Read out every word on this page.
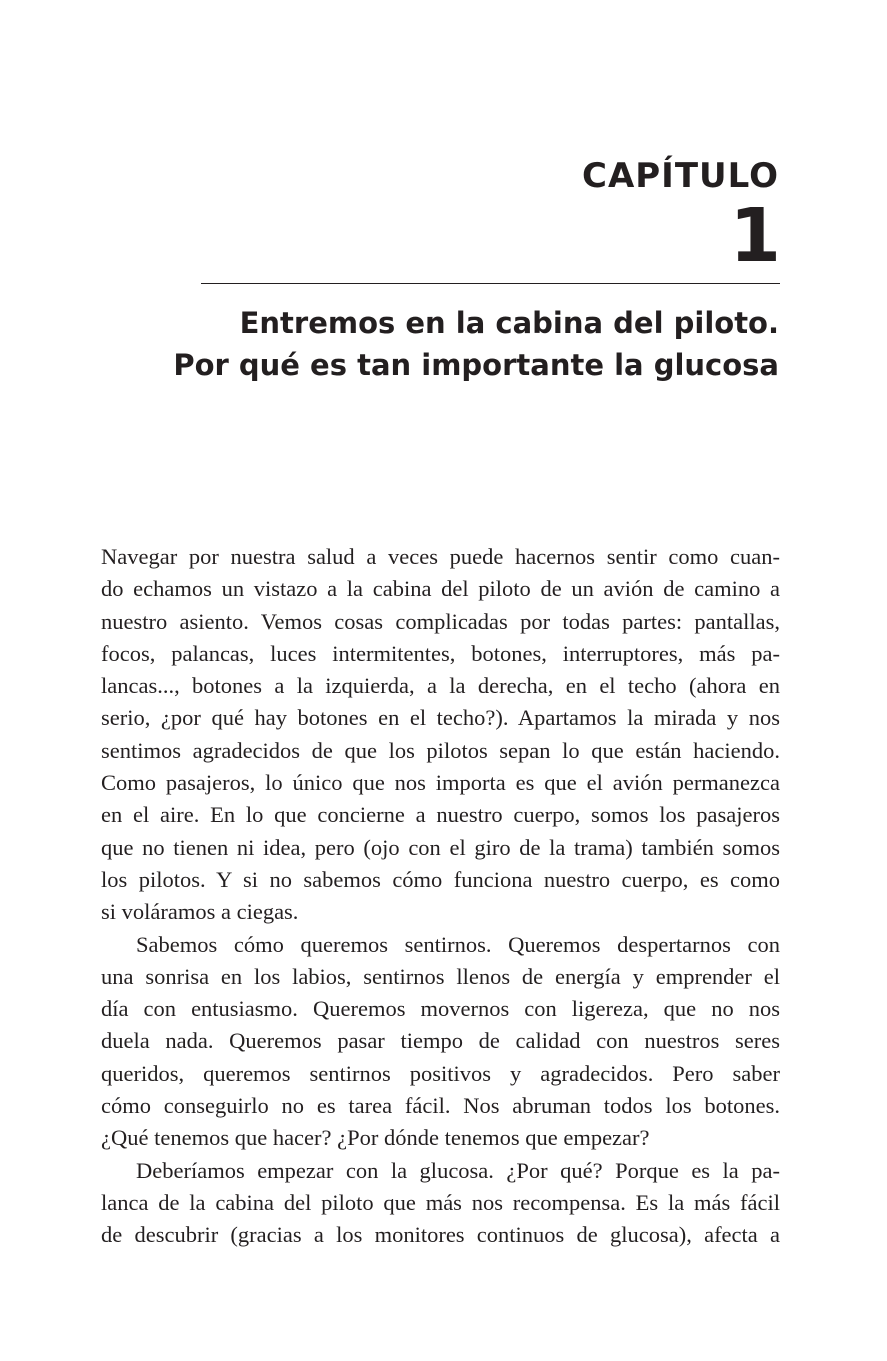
CAPÍTULO
1
Entremos en la cabina del piloto.
Por qué es tan importante la glucosa
Navegar por nuestra salud a veces puede hacernos sentir como cuan-
do echamos un vistazo a la cabina del piloto de un avión de camino a
nuestro asiento. Vemos cosas complicadas por todas partes: pantallas,
focos, palancas, luces intermitentes, botones, interruptores, más pa-
lancas..., botones a la izquierda, a la derecha, en el techo (ahora en
serio, ¿por qué hay botones en el techo?). Apartamos la mirada y nos
sentimos agradecidos de que los pilotos sepan lo que están haciendo.
Como pasajeros, lo único que nos importa es que el avión permanezca
en el aire. En lo que concierne a nuestro cuerpo, somos los pasajeros
que no tienen ni idea, pero (ojo con el giro de la trama) también somos
los pilotos. Y si no sabemos cómo funciona nuestro cuerpo, es como
si voláramos a ciegas.
Sabemos cómo queremos sentirnos. Queremos despertarnos con
una sonrisa en los labios, sentirnos llenos de energía y emprender el
día con entusiasmo. Queremos movernos con ligereza, que no nos
duela nada. Queremos pasar tiempo de calidad con nuestros seres
queridos, queremos sentirnos positivos y agradecidos. Pero saber
cómo conseguirlo no es tarea fácil. Nos abruman todos los botones.
¿Qué tenemos que hacer? ¿Por dónde tenemos que empezar?
Deberíamos empezar con la glucosa. ¿Por qué? Porque es la pa-
lanca de la cabina del piloto que más nos recompensa. Es la más fácil
de descubrir (gracias a los monitores continuos de glucosa), afecta a
